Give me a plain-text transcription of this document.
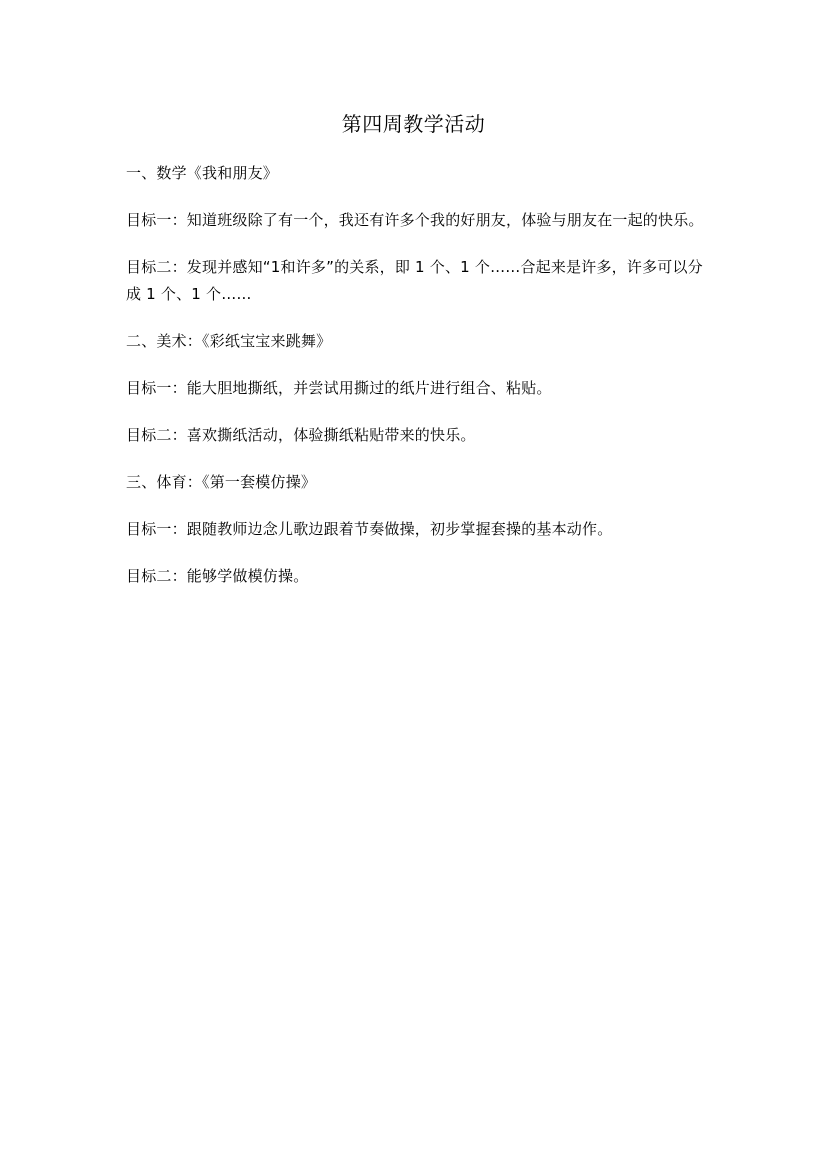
第四周教学活动

一、数学《我和朋友》

目标一：知道班级除了有一个，我还有许多个我的好朋友，体验与朋友在一起的快乐。

目标二：发现并感知“1和许多”的关系，即 1 个、1 个……合起来是许多，许多可以分成 1 个、1 个……

二、美术：《彩纸宝宝来跳舞》

目标一：能大胆地撕纸，并尝试用撕过的纸片进行组合、粘贴。

目标二：喜欢撕纸活动，体验撕纸粘贴带来的快乐。

三、体育：《第一套模仿操》

目标一：跟随教师边念儿歌边跟着节奏做操，初步掌握套操的基本动作。

目标二：能够学做模仿操。
